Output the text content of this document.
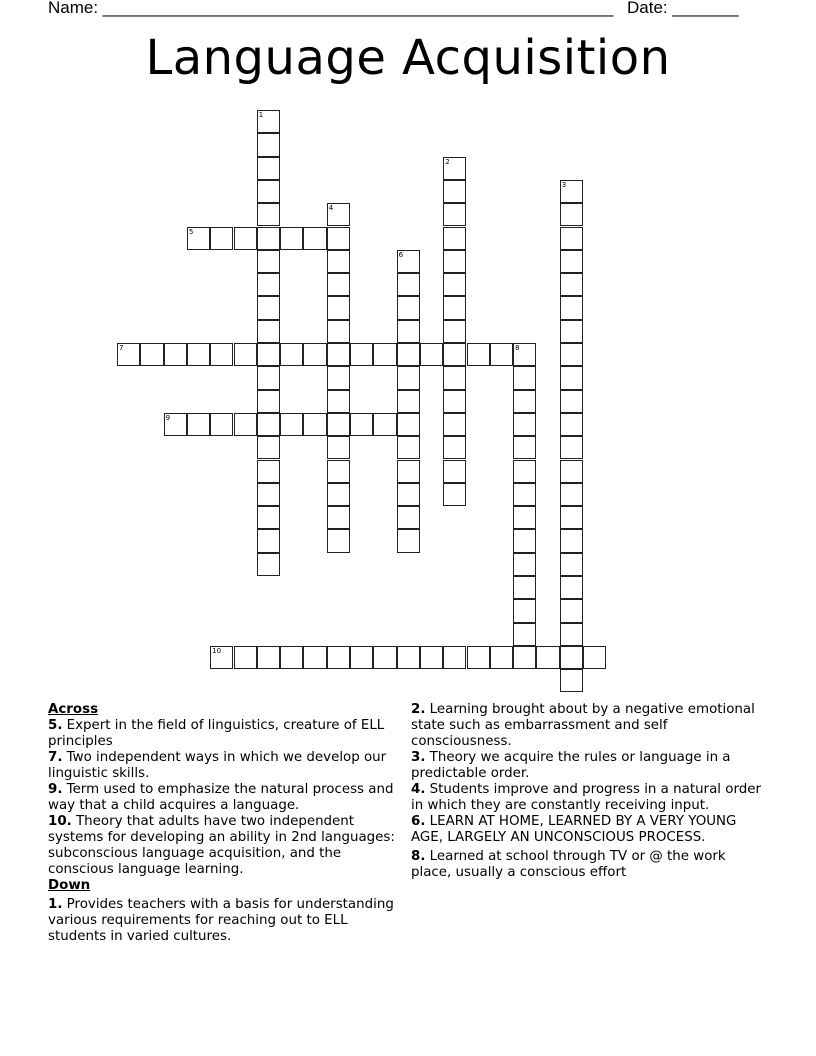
Name: ______________________________________________________ Date: _______
Language Acquisition
1
2
3
4
5
6
7	8
9
10
Across
5. Expert in the field of linguistics, creature of ELL principles
7. Two independent ways in which we develop our linguistic skills.
9. Term used to emphasize the natural process and way that a child acquires a language.
10. Theory that adults have two independent systems for developing an ability in 2nd languages: subconscious language acquisition, and the conscious language learning.
Down
1. Provides teachers with a basis for understanding various requirements for reaching out to ELL students in varied cultures.
2. Learning brought about by a negative emotional state such as embarrassment and self consciousness.
3. Theory we acquire the rules or language in a predictable order.
4. Students improve and progress in a natural order in which they are constantly receiving input.
6. LEARN AT HOME, LEARNED BY A VERY YOUNG AGE, LARGELY AN UNCONSCIOUS PROCESS.
8. Learned at school through TV or @ the work place, usually a conscious effort
